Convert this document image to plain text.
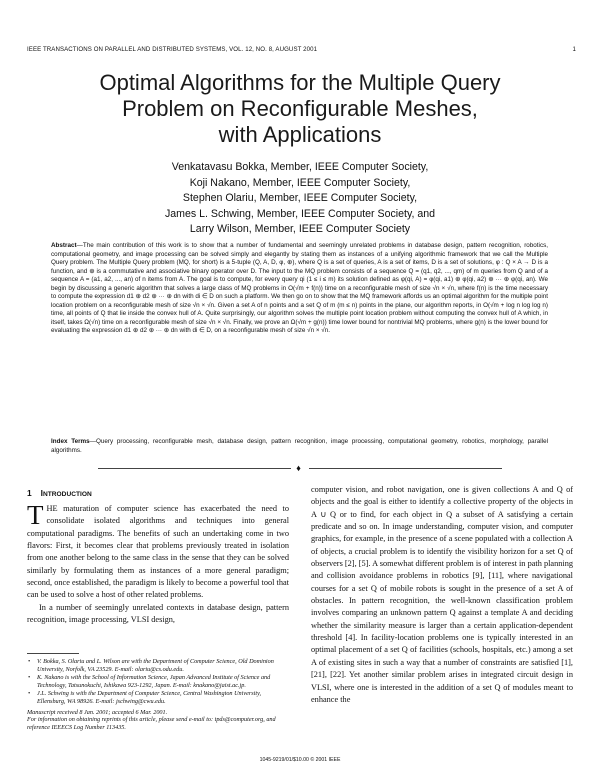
IEEE TRANSACTIONS ON PARALLEL AND DISTRIBUTED SYSTEMS, VOL. 12, NO. 8, AUGUST 2001	1
Optimal Algorithms for the Multiple Query
Problem on Reconfigurable Meshes,
with Applications
Venkatavasu Bokka, Member, IEEE Computer Society,
Koji Nakano, Member, IEEE Computer Society,
Stephen Olariu, Member, IEEE Computer Society,
James L. Schwing, Member, IEEE Computer Society, and
Larry Wilson, Member, IEEE Computer Society
Abstract—The main contribution of this work is to show that a number of fundamental and seemingly unrelated problems in database design, pattern recognition, robotics, computational geometry, and image processing can be solved simply and elegantly by stating them as instances of a unifying algorithmic framework that we call the Multiple Query problem. The Multiple Query problem (MQ, for short) is a 5-tuple (Q, A, D, φ, ⊕), where Q is a set of queries, A is a set of items, D is a set of solutions, φ : Q × A → D is a function, and ⊕ is a commutative and associative binary operator over D. The input to the MQ problem consists of a sequence Q = (q1, q2, ..., qm) of m queries from Q and of a sequence A = (a1, a2, ..., an) of n items from A. The goal is to compute, for every query qi (1 ≤ i ≤ m) its solution defined as φ(qi, A) = φ(qi, a1) ⊕ φ(qi, a2) ⊕ ··· ⊕ φ(qi, an). We begin by discussing a generic algorithm that solves a large class of MQ problems in O(√m + f(n)) time on a reconfigurable mesh of size √n × √n, where f(n) is the time necessary to compute the expression d1 ⊕ d2 ⊕ ··· ⊕ dn with di ∈ D on such a platform. We then go on to show that the MQ framework affords us an optimal algorithm for the multiple point location problem on a reconfigurable mesh of size √n × √n. Given a set A of n points and a set Q of m (m ≤ n) points in the plane, our algorithm reports, in O(√m + log n log log n) time, all points of Q that lie inside the convex hull of A. Quite surprisingly, our algorithm solves the multiple point location problem without computing the convex hull of A which, in itself, takes Ω(√n) time on a reconfigurable mesh of size √n × √n. Finally, we prove an Ω(√m + g(n)) time lower bound for nontrivial MQ problems, where g(n) is the lower bound for evaluating the expression d1 ⊕ d2 ⊕ ··· ⊕ dn with di ∈ D, on a reconfigurable mesh of size √n × √n.
Index Terms—Query processing, reconfigurable mesh, database design, pattern recognition, image processing, computational geometry, robotics, morphology, parallel algorithms.
♦
1 INTRODUCTION
THE maturation of computer science has exacerbated the need to consolidate isolated algorithms and techniques into general computational paradigms. The benefits of such an undertaking come in two flavors: First, it becomes clear that problems previously treated in isolation from one another belong to the same class in the sense that they can be solved similarly by formulating them as instances of a more general paradigm; second, once established, the paradigm is likely to become a powerful tool that can be used to solve a host of other related problems.
In a number of seemingly unrelated contexts in database design, pattern recognition, image processing, VLSI design,
computer vision, and robot navigation, one is given collections A and Q of objects and the goal is either to identify a collective property of the objects in A ∪ Q or to find, for each object in Q a subset of A satisfying a certain predicate and so on. In image understanding, computer vision, and computer graphics, for example, in the presence of a scene populated with a collection A of objects, a crucial problem is to identify the visibility horizon for a set Q of observers [2], [5]. A somewhat different problem is of interest in path planning and collision avoidance problems in robotics [9], [11], where navigational courses for a set Q of mobile robots is sought in the presence of a set A of obstacles. In pattern recognition, the well-known classification problem involves comparing an unknown pattern Q against a template A and deciding whether the similarity measure is larger than a certain application-dependent threshold [4]. In facility-location problems one is typically interested in an optimal placement of a set Q of facilities (schools, hospitals, etc.) among a set A of existing sites in such a way that a number of constraints are satisfied [1], [21], [22]. Yet another similar problem arises in integrated circuit design in VLSI, where one is interested in the addition of a set Q of modules meant to enhance the
• V. Bokka, S. Olariu and L. Wilson are with the Department of Computer Science, Old Dominion University, Norfolk, VA 23529. E-mail: olariu@cs.odu.edu.
• K. Nakano is with the School of Information Science, Japan Advanced Institute of Science and Technology, Tatsunokuchi, Ishikawa 923-1292, Japan. E-mail: knakano@jaist.ac.jp.
• J.L. Schwing is with the Department of Computer Science, Central Washington University, Ellensburg, WA 98926. E-mail: jschwing@cwu.edu.
Manuscript received 8 Jan. 2001; accepted 6 Mar. 2001.
For information on obtaining reprints of this article, please send e-mail to: tpds@computer.org, and reference IEEECS Log Number 113435.
1045-9219/01/$10.00 © 2001 IEEE
